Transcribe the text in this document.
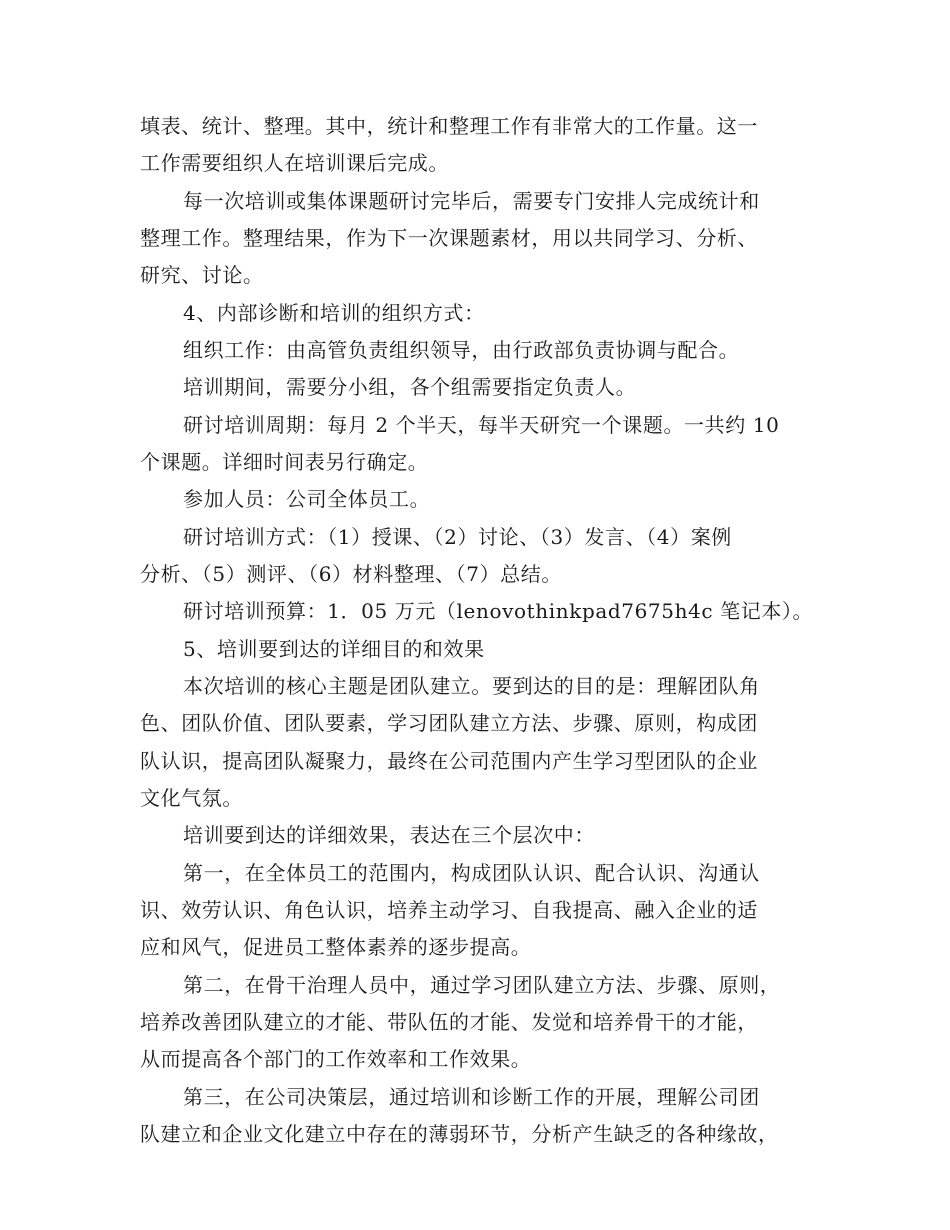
填表、统计、整理。其中，统计和整理工作有非常大的工作量。这一
工作需要组织人在培训课后完成。
每一次培训或集体课题研讨完毕后，需要专门安排人完成统计和
整理工作。整理结果，作为下一次课题素材，用以共同学习、分析、
研究、讨论。
4、内部诊断和培训的组织方式：
组织工作：由高管负责组织领导，由行政部负责协调与配合。
培训期间，需要分小组，各个组需要指定负责人。
研讨培训周期：每月 2 个半天，每半天研究一个课题。一共约 10
个课题。详细时间表另行确定。
参加人员：公司全体员工。
研讨培训方式：（1）授课、（2）讨论、（3）发言、（4）案例
分析、（5）测评、（6）材料整理、（7）总结。
研讨培训预算：1．05 万元（lenovothinkpad7675h4c 笔记本）。
5、培训要到达的详细目的和效果
本次培训的核心主题是团队建立。要到达的目的是：理解团队角
色、团队价值、团队要素，学习团队建立方法、步骤、原则，构成团
队认识，提高团队凝聚力，最终在公司范围内产生学习型团队的企业
文化气氛。
培训要到达的详细效果，表达在三个层次中：
第一，在全体员工的范围内，构成团队认识、配合认识、沟通认
识、效劳认识、角色认识，培养主动学习、自我提高、融入企业的适
应和风气，促进员工整体素养的逐步提高。
第二，在骨干治理人员中，通过学习团队建立方法、步骤、原则，
培养改善团队建立的才能、带队伍的才能、发觉和培养骨干的才能，
从而提高各个部门的工作效率和工作效果。
第三，在公司决策层，通过培训和诊断工作的开展，理解公司团
队建立和企业文化建立中存在的薄弱环节，分析产生缺乏的各种缘故，
